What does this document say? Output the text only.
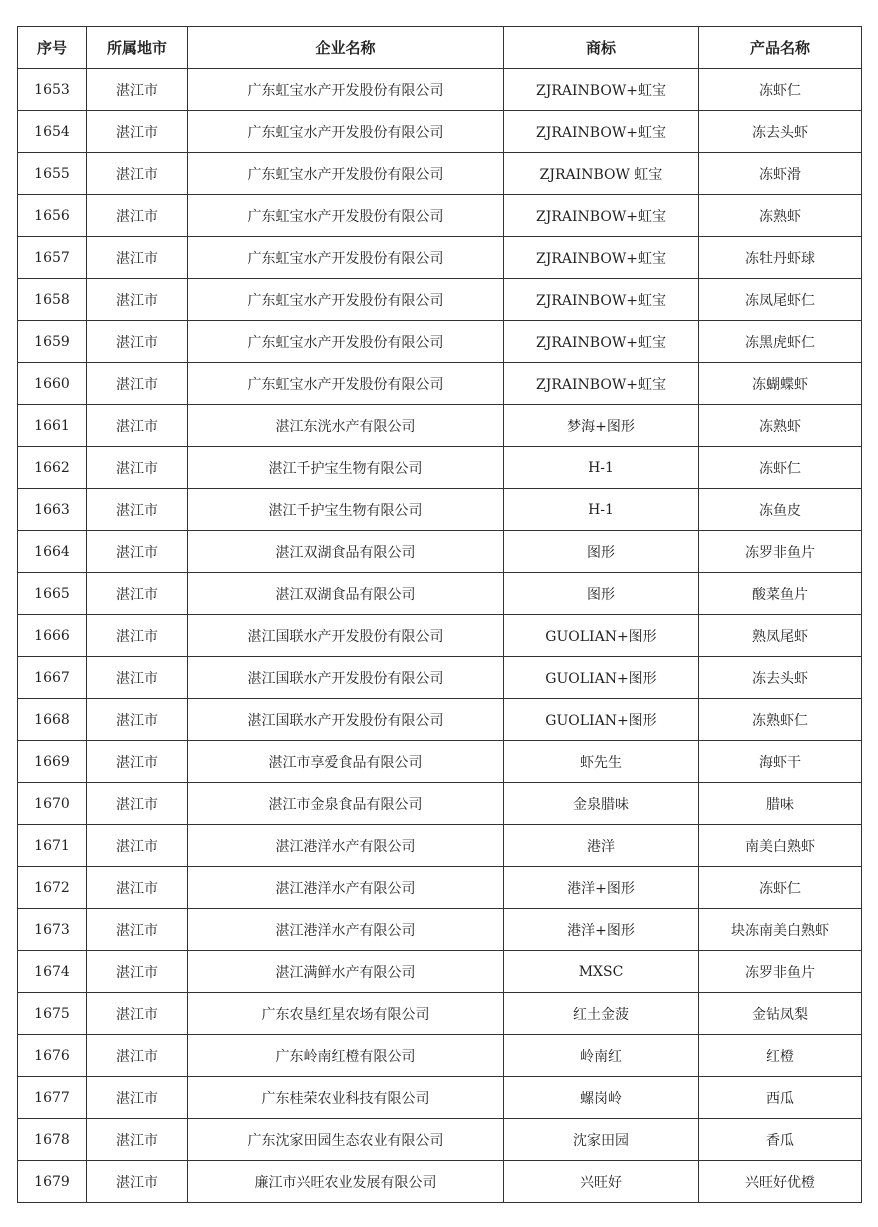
序号	所属地市	企业名称	商标	产品名称
1653	湛江市	广东虹宝水产开发股份有限公司	ZJRAINBOW+虹宝	冻虾仁
1654	湛江市	广东虹宝水产开发股份有限公司	ZJRAINBOW+虹宝	冻去头虾
1655	湛江市	广东虹宝水产开发股份有限公司	ZJRAINBOW 虹宝	冻虾滑
1656	湛江市	广东虹宝水产开发股份有限公司	ZJRAINBOW+虹宝	冻熟虾
1657	湛江市	广东虹宝水产开发股份有限公司	ZJRAINBOW+虹宝	冻牡丹虾球
1658	湛江市	广东虹宝水产开发股份有限公司	ZJRAINBOW+虹宝	冻凤尾虾仁
1659	湛江市	广东虹宝水产开发股份有限公司	ZJRAINBOW+虹宝	冻黑虎虾仁
1660	湛江市	广东虹宝水产开发股份有限公司	ZJRAINBOW+虹宝	冻蝴蝶虾
1661	湛江市	湛江东洸水产有限公司	梦海+图形	冻熟虾
1662	湛江市	湛江千护宝生物有限公司	H-1	冻虾仁
1663	湛江市	湛江千护宝生物有限公司	H-1	冻鱼皮
1664	湛江市	湛江双湖食品有限公司	图形	冻罗非鱼片
1665	湛江市	湛江双湖食品有限公司	图形	酸菜鱼片
1666	湛江市	湛江国联水产开发股份有限公司	GUOLIAN+图形	熟凤尾虾
1667	湛江市	湛江国联水产开发股份有限公司	GUOLIAN+图形	冻去头虾
1668	湛江市	湛江国联水产开发股份有限公司	GUOLIAN+图形	冻熟虾仁
1669	湛江市	湛江市享爱食品有限公司	虾先生	海虾干
1670	湛江市	湛江市金泉食品有限公司	金泉腊味	腊味
1671	湛江市	湛江港洋水产有限公司	港洋	南美白熟虾
1672	湛江市	湛江港洋水产有限公司	港洋+图形	冻虾仁
1673	湛江市	湛江港洋水产有限公司	港洋+图形	块冻南美白熟虾
1674	湛江市	湛江满鲜水产有限公司	MXSC	冻罗非鱼片
1675	湛江市	广东农垦红星农场有限公司	红土金菠	金钻凤梨
1676	湛江市	广东岭南红橙有限公司	岭南红	红橙
1677	湛江市	广东桂荣农业科技有限公司	螺岗岭	西瓜
1678	湛江市	广东沈家田园生态农业有限公司	沈家田园	香瓜
1679	湛江市	廉江市兴旺农业发展有限公司	兴旺好	兴旺好优橙
